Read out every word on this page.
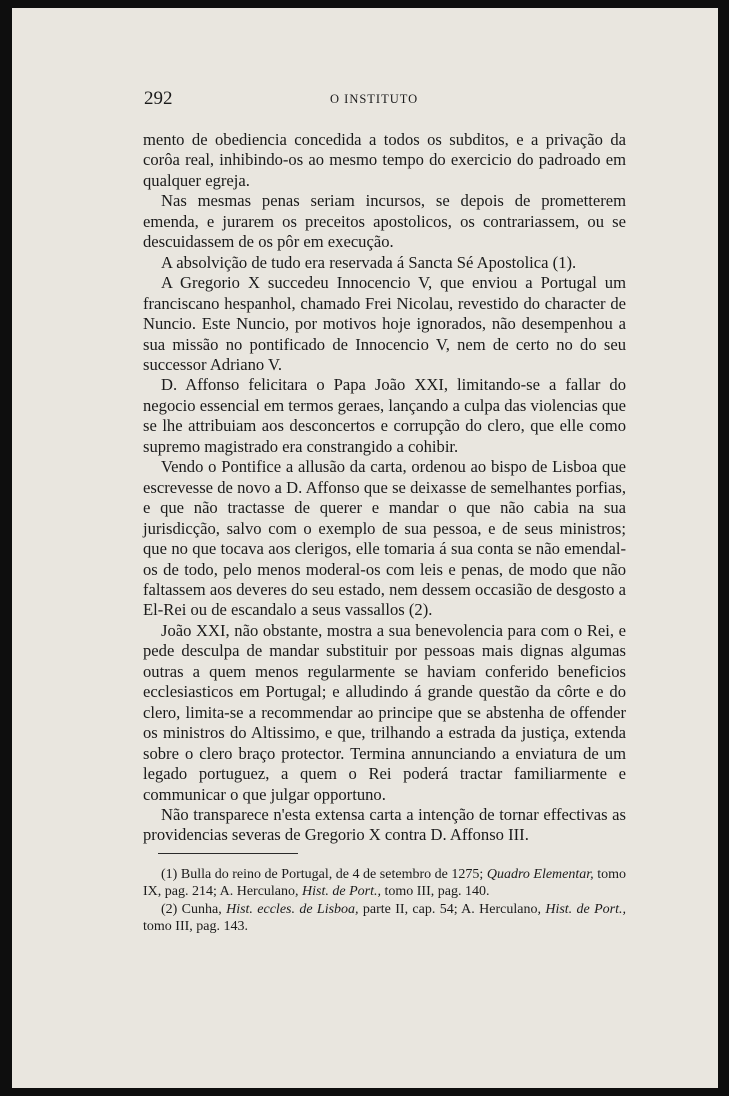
292	O INSTITUTO

mento de obediencia concedida a todos os subditos, e a privação da corôa real, inhibindo-os ao mesmo tempo do exercicio do padroado em qualquer egreja.

Nas mesmas penas seriam incursos, se depois de prometterem emenda, e jurarem os preceitos apostolicos, os contrariassem, ou se descuidassem de os pôr em execução.

A absolvição de tudo era reservada á Sancta Sé Apostolica (1).

A Gregorio X succedeu Innocencio V, que enviou a Portugal um franciscano hespanhol, chamado Frei Nicolau, revestido do character de Nuncio. Este Nuncio, por motivos hoje ignorados, não desempenhou a sua missão no pontificado de Innocencio V, nem de certo no do seu successor Adriano V.

D. Affonso felicitara o Papa João XXI, limitando-se a fallar do negocio essencial em termos geraes, lançando a culpa das violencias que se lhe attribuiam aos desconcertos e corrupção do clero, que elle como supremo magistrado era constrangido a cohibir.

Vendo o Pontifice a allusão da carta, ordenou ao bispo de Lisboa que escrevesse de novo a D. Affonso que se deixasse de semelhantes porfias, e que não tractasse de querer e mandar o que não cabia na sua jurisdicção, salvo com o exemplo de sua pessoa, e de seus ministros; que no que tocava aos clerigos, elle tomaria á sua conta se não emendal-os de todo, pelo menos moderal-os com leis e penas, de modo que não faltassem aos deveres do seu estado, nem dessem occasião de desgosto a El-Rei ou de escandalo a seus vassallos (2).

João XXI, não obstante, mostra a sua benevolencia para com o Rei, e pede desculpa de mandar substituir por pessoas mais dignas algumas outras a quem menos regularmente se haviam conferido beneficios ecclesiasticos em Portugal; e alludindo á grande questão da côrte e do clero, limita-se a recommendar ao principe que se abstenha de offender os ministros do Altissimo, e que, trilhando a estrada da justiça, extenda sobre o clero braço protector. Termina annunciando a enviatura de um legado portuguez, a quem o Rei poderá tractar familiarmente e communicar o que julgar opportuno.

Não transparece n'esta extensa carta a intenção de tornar effectivas as providencias severas de Gregorio X contra D. Affonso III.

(1) Bulla do reino de Portugal, de 4 de setembro de 1275; Quadro Elementar, tomo IX, pag. 214; A. Herculano, Hist. de Port., tomo III, pag. 140.

(2) Cunha, Hist. eccles. de Lisboa, parte II, cap. 54; A. Herculano, Hist. de Port., tomo III, pag. 143.
